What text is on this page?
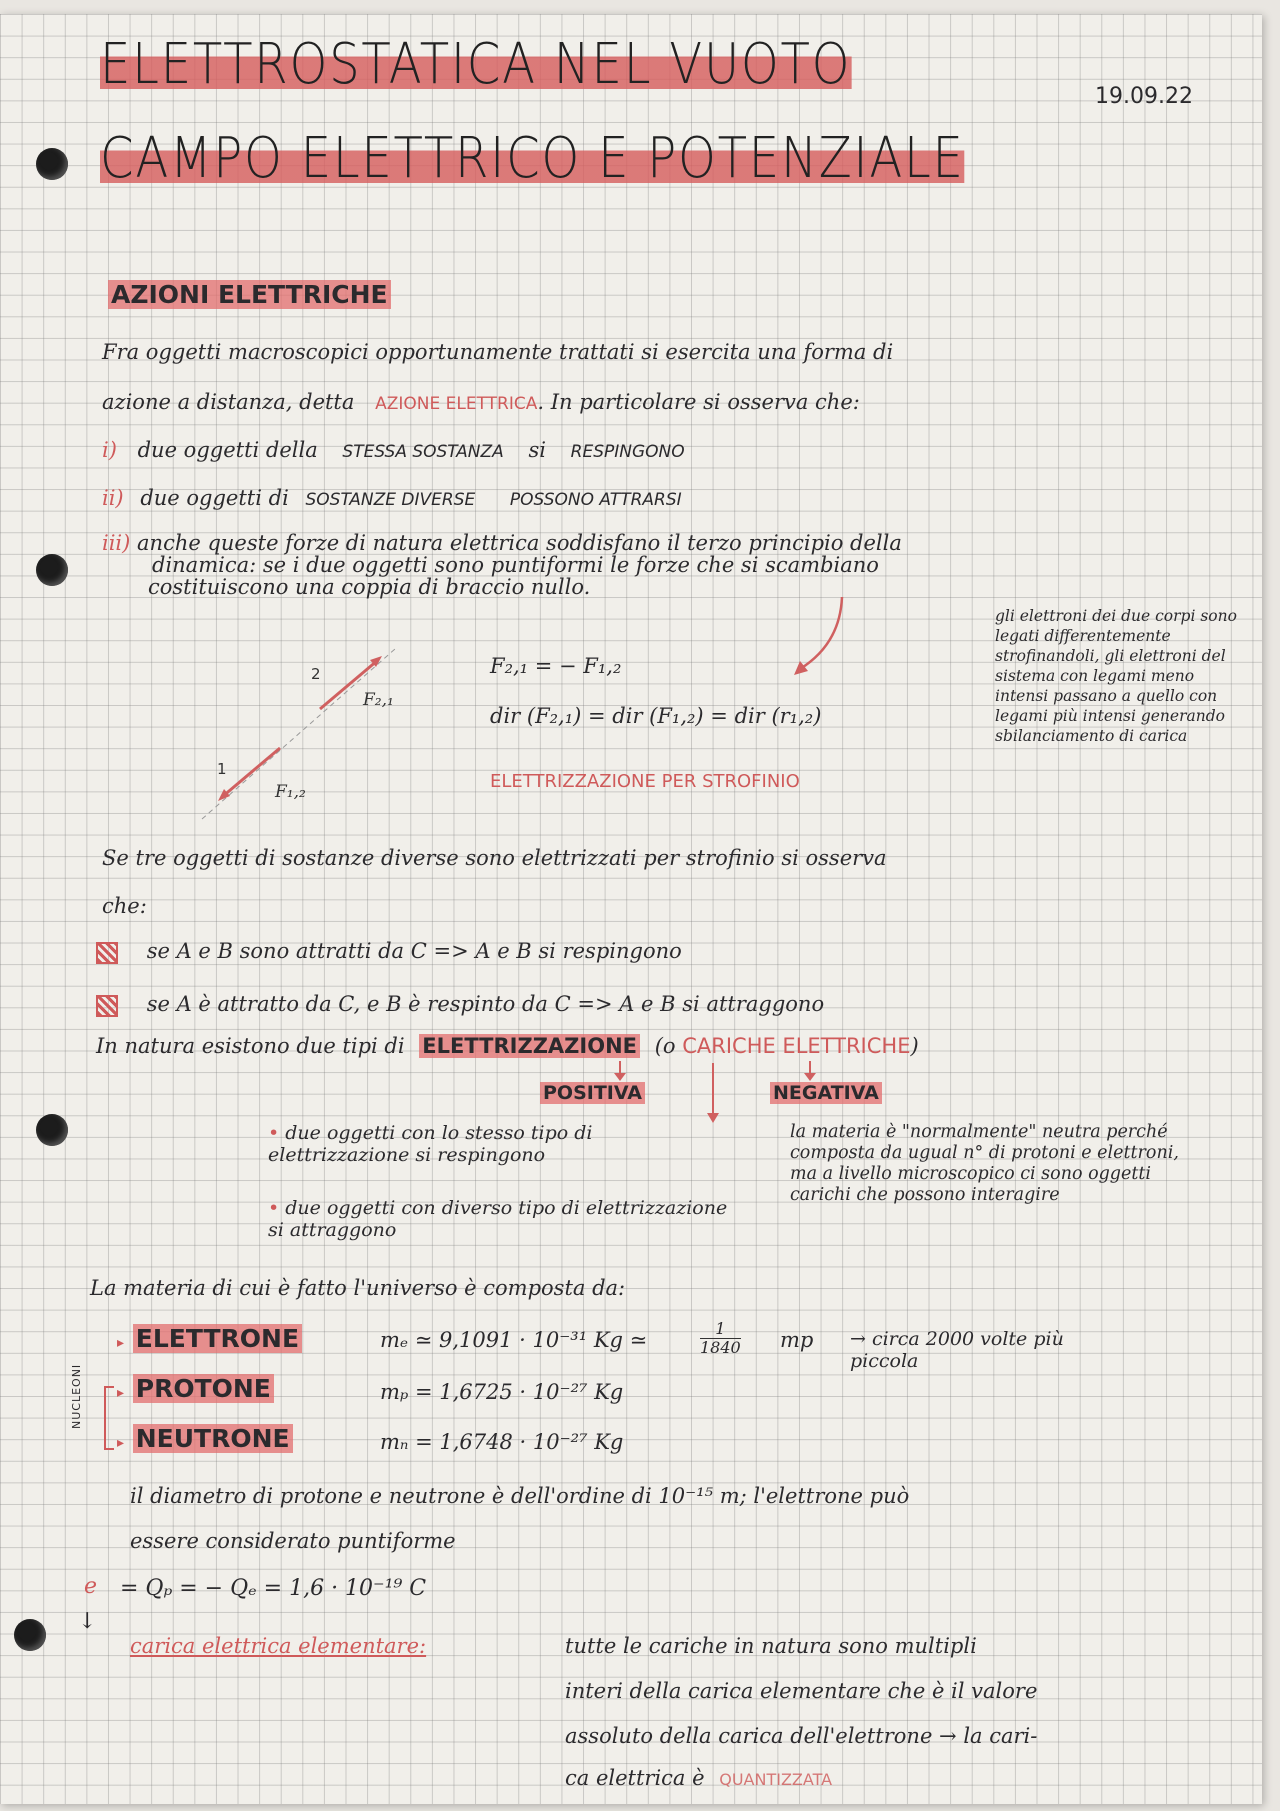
ELETTROSTATICA NEL VUOTO
CAMPO ELETTRICO E POTENZIALE
19.09.22
AZIONI ELETTRICHE
Fra oggetti macroscopici opportunamente trattati si esercita una forma di
azione a distanza, detta AZIONE ELETTRICA. In particolare si osserva che:
i) due oggetti della STESSA SOSTANZA si RESPINGONO
ii) due oggetti di SOSTANZE DIVERSE POSSONO ATTRARSI
iii) anche queste forze di natura elettrica soddisfano il terzo principio della
dinamica: se i due oggetti sono puntiformi le forze che si scambiano
costituiscono una coppia di braccio nullo.
2
1
F₂,₁
F₁,₂
F₂,₁ = − F₁,₂
dir (F₂,₁) = dir (F₁,₂) = dir (r₁,₂)
ELETTRIZZAZIONE PER STROFINIO
gli elettroni dei due corpi sono legati differentemente strofinandoli, gli elettroni del sistema con legami meno intensi passano a quello con legami più intensi generando sbilanciamento di carica
Se tre oggetti di sostanze diverse sono elettrizzati per strofinio si osserva
che:
se A e B sono attratti da C => A e B si respingono
se A è attratto da C, e B è respinto da C => A e B si attraggono
In natura esistono due tipi di ELETTRIZZAZIONE (o CARICHE ELETTRICHE)
POSITIVA	NEGATIVA
• due oggetti con lo stesso tipo di elettrizzazione si respingono
• due oggetti con diverso tipo di elettrizzazione si attraggono
la materia è "normalmente" neutra perché composta da ugual n° di protoni e elettroni, ma a livello microscopico ci sono oggetti carichi che possono interagire
La materia di cui è fatto l'universo è composta da:
▸ ELETTRONE	mₑ ≃ 9,1091 · 10⁻³¹ Kg ≃	$\frac{1}{1840}$ mp → circa 2000 volte più piccola
▸ PROTONE	mₚ = 1,6725 · 10⁻²⁷ Kg
▸ NEUTRONE	mₙ = 1,6748 · 10⁻²⁷ Kg
NUCLEONI
il diametro di protone e neutrone è dell'ordine di 10⁻¹⁵ m; l'elettrone può
essere considerato puntiforme
e
↓
= Qₚ = − Qₑ = 1,6 · 10⁻¹⁹ C
carica elettrica elementare:	tutte le cariche in natura sono multipli
interi della carica elementare che è il valore
assoluto della carica dell'elettrone → la cari-
ca elettrica è QUANTIZZATA
